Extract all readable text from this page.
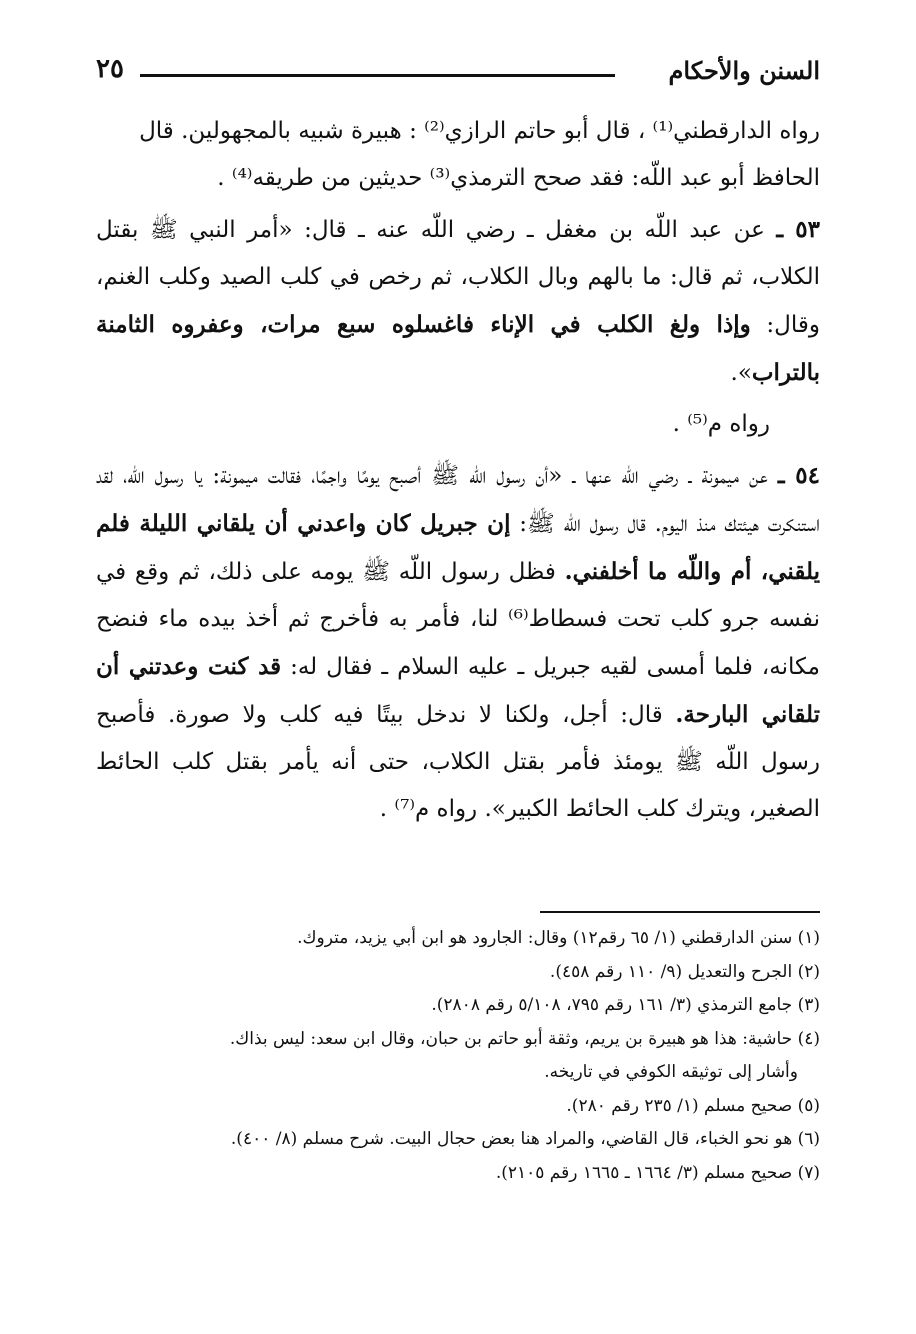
السنن والأحكام
٢٥

رواه الدارقطني⁽¹⁾ ، قال أبو حاتم الرازي⁽²⁾ : هبيرة شبيه بالمجهولين. قال
الحافظ أبو عبد اللّه: فقد صحح الترمذي⁽³⁾ حديثين من طريقه⁽⁴⁾ .

٥٣ ـ عن عبد اللّه بن مغفل ـ رضي اللّه عنه ـ قال: «أمر النبي ﷺ بقتل الكلاب، ثم قال: ما بالهم وبال الكلاب، ثم رخص في كلب الصيد وكلب الغنم، وقال: وإذا ولغ الكلب في الإناء فاغسلوه سبع مرات، وعفروه الثامنة بالتراب».

رواه م⁽⁵⁾ .

٥٤ ـ عن ميمونة ـ رضي اللّه عنها ـ «أن رسول اللّه ﷺ أصبح يومًا واجمًا، فقالت ميمونة: يا رسول اللّه، لقد استنكرت هيئتك منذ اليوم. قال رسول اللّه ﷺ: إن جبريل كان واعدني أن يلقاني الليلة فلم يلقني، أم واللّه ما أخلفني. فظل رسول اللّه ﷺ يومه على ذلك، ثم وقع في نفسه جرو كلب تحت فسطاط⁽⁶⁾ لنا، فأمر به فأخرج ثم أخذ بيده ماء فنضح مكانه، فلما أمسى لقيه جبريل ـ عليه السلام ـ فقال له: قد كنت وعدتني أن تلقاني البارحة. قال: أجل، ولكنا لا ندخل بيتًا فيه كلب ولا صورة. فأصبح رسول اللّه ﷺ يومئذ فأمر بقتل الكلاب، حتى أنه يأمر بقتل كلب الحائط الصغير، ويترك كلب الحائط الكبير». رواه م⁽⁷⁾ .

(١) سنن الدارقطني (١/ ٦٥ رقم١٢) وقال: الجارود هو ابن أبي يزيد، متروك.

(٢) الجرح والتعديل (٩/ ١١٠ رقم ٤٥٨).

(٣) جامع الترمذي (٣/ ١٦١ رقم ٧٩٥، ٥/١٠٨ رقم ٢٨٠٨).

(٤) حاشية: هذا هو هبيرة بن يريم، وثقة أبو حاتم بن حبان، وقال ابن سعد: ليس بذاك.

وأشار إلى توثيقه الكوفي في تاريخه.

(٥) صحيح مسلم (١/ ٢٣٥ رقم ٢٨٠).

(٦) هو نحو الخباء، قال القاضي، والمراد هنا بعض حجال البيت. شرح مسلم (٨/ ٤٠٠).

(٧) صحيح مسلم (٣/ ١٦٦٤ ـ ١٦٦٥ رقم ٢١٠٥).
